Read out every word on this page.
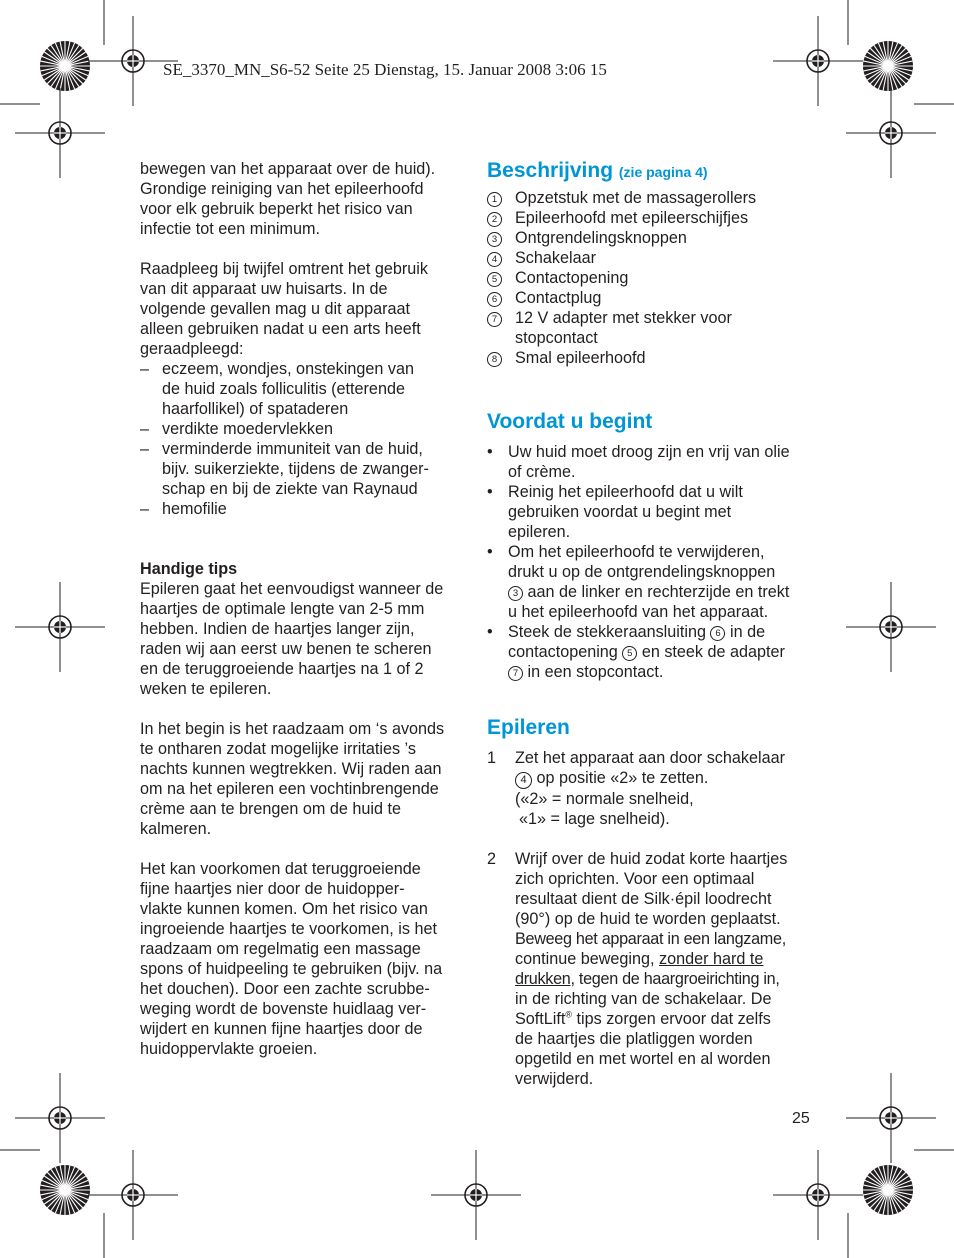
SE_3370_MN_S6-52 Seite 25 Dienstag, 15. Januar 2008 3:06 15

bewegen van het apparaat over de huid).
Grondige reiniging van het epileerhoofd
voor elk gebruik beperkt het risico van
infectie tot een minimum.

Raadpleeg bij twijfel omtrent het gebruik
van dit apparaat uw huisarts. In de
volgende gevallen mag u dit apparaat
alleen gebruiken nadat u een arts heeft
geraadpleegd:

– eczeem, wondjes, onstekingen van
de huid zoals folliculitis (etterende
haarfollikel) of spataderen
– verdikte moedervlekken
– verminderde immuniteit van de huid,
bijv. suikerziekte, tijdens de zwanger-
schap en bij de ziekte van Raynaud
– hemofilie

Handige tips
Epileren gaat het eenvoudigst wanneer de
haartjes de optimale lengte van 2-5 mm
hebben. Indien de haartjes langer zijn,
raden wij aan eerst uw benen te scheren
en de teruggroeiende haartjes na 1 of 2
weken te epileren.

In het begin is het raadzaam om ‘s avonds
te ontharen zodat mogelijke irritaties ’s
nachts kunnen wegtrekken. Wij raden aan
om na het epileren een vochtinbrengende
crème aan te brengen om de huid te
kalmeren.

Het kan voorkomen dat teruggroeiende
fijne haartjes nier door de huidopper-
vlakte kunnen komen. Om het risico van
ingroeiende haartjes te voorkomen, is het
raadzaam om regelmatig een massage
spons of huidpeeling te gebruiken (bijv. na
het douchen). Door een zachte scrubbe-
weging wordt de bovenste huidlaag ver-
wijdert en kunnen fijne haartjes door de
huidoppervlakte groeien.

Beschrijving (zie pagina 4)
1 Opzetstuk met de massagerollers
2 Epileerhoofd met epileerschijfjes
3 Ontgrendelingsknoppen
4 Schakelaar
5 Contactopening
6 Contactplug
7 12 V adapter met stekker voor
stopcontact
8 Smal epileerhoofd
Voordat u begint
• Uw huid moet droog zijn en vrij van olie
of crème.
• Reinig het epileerhoofd dat u wilt
gebruiken voordat u begint met
epileren.
• Om het epileerhoofd te verwijderen,
drukt u op de ontgrendelingsknoppen
3 aan de linker en rechterzijde en trekt
u het epileerhoofd van het apparaat.
• Steek de stekkeraansluiting 6 in de
contactopening 5 en steek de adapter
7 in een stopcontact.
Epileren
1 Zet het apparaat aan door schakelaar
4 op positie «2» te zetten.
(«2» = normale snelheid,
«1» = lage snelheid).
2 Wrijf over de huid zodat korte haartjes
zich oprichten. Voor een optimaal
resultaat dient de Silk·épil loodrecht
(90°) op de huid te worden geplaatst.
Beweeg het apparaat in een langzame,
continue beweging, zonder hard te
drukken, tegen de haargroeirichting in,
in de richting van de schakelaar. De
SoftLift® tips zorgen ervoor dat zelfs
de haartjes die platliggen worden
opgetild en met wortel en al worden
verwijderd.
25
